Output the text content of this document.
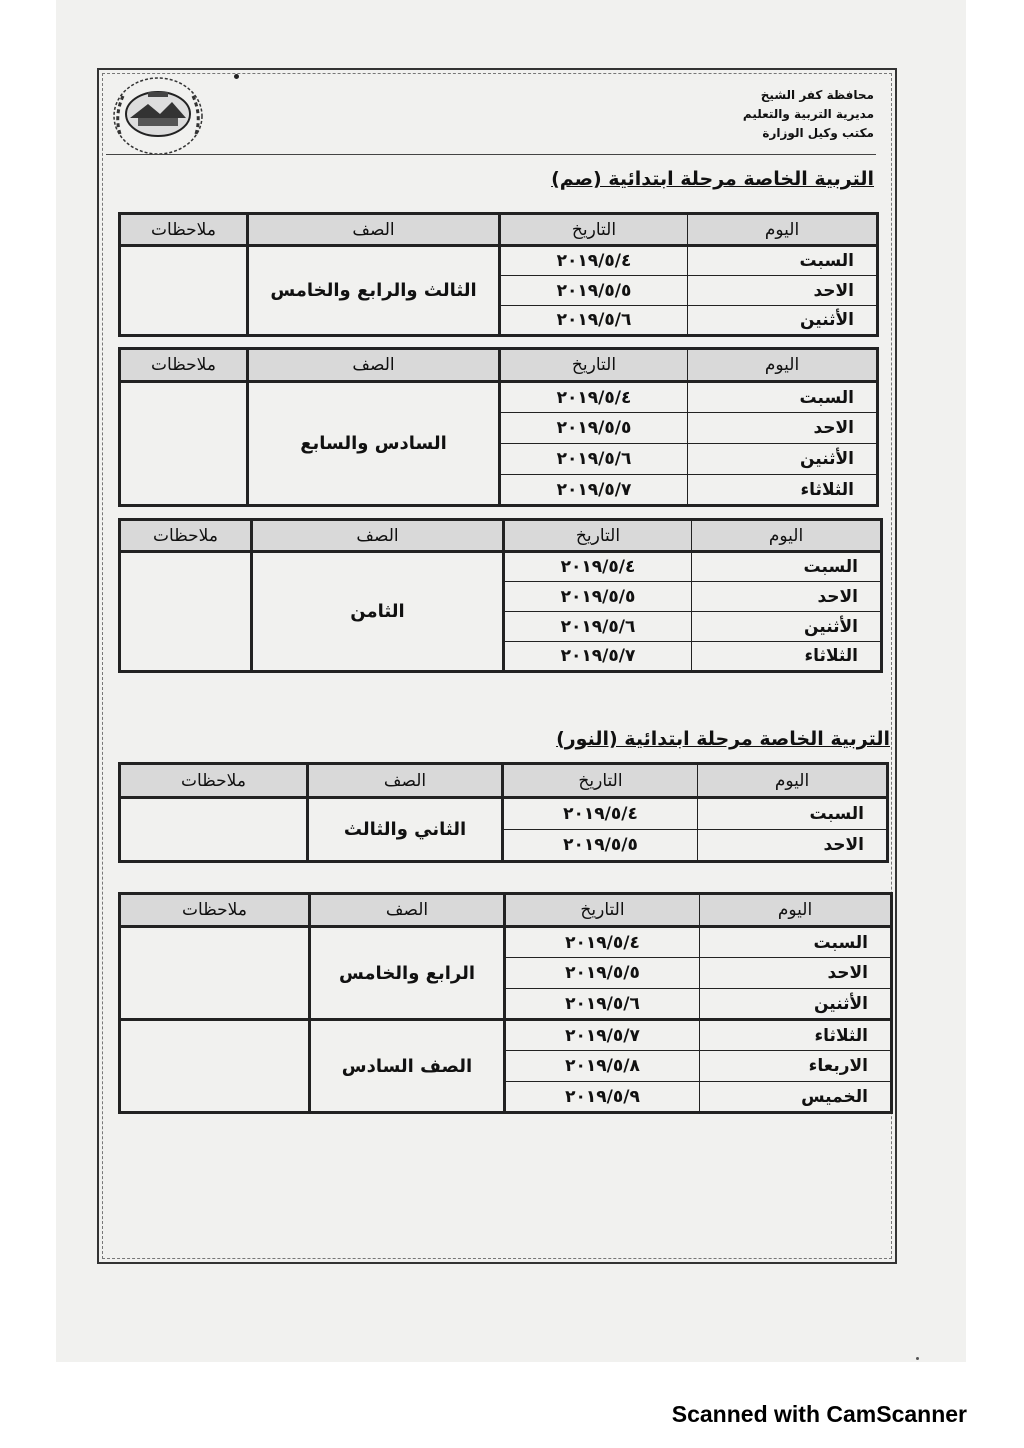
محافظة كفر الشيخ
مديرية التربية والتعليم
مكتب وكيل الوزارة
التربية الخاصة مرحلة ابتدائية (صم)
اليوم	التاريخ	الصف	ملاحظات
السبت	٢٠١٩/٥/٤	الثالث والرابع والخامس	
الاحد	٢٠١٩/٥/٥		
الأثنين	٢٠١٩/٥/٦		
اليوم	التاريخ	الصف	ملاحظات
السبت	٢٠١٩/٥/٤	السادس والسابع	
الاحد	٢٠١٩/٥/٥		
الأثنين	٢٠١٩/٥/٦		
الثلاثاء	٢٠١٩/٥/٧		
اليوم	التاريخ	الصف	ملاحظات
السبت	٢٠١٩/٥/٤	الثامن	
الاحد	٢٠١٩/٥/٥		
الأثنين	٢٠١٩/٥/٦		
الثلاثاء	٢٠١٩/٥/٧		
التربية الخاصة مرحلة ابتدائية (النور)
اليوم	التاريخ	الصف	ملاحظات
السبت	٢٠١٩/٥/٤	الثاني والثالث	
الاحد	٢٠١٩/٥/٥		
اليوم	التاريخ	الصف	ملاحظات
السبت	٢٠١٩/٥/٤	الرابع والخامس	
الاحد	٢٠١٩/٥/٥		
الأثنين	٢٠١٩/٥/٦		
الثلاثاء	٢٠١٩/٥/٧	الصف السادس	
الاربعاء	٢٠١٩/٥/٨		
الخميس	٢٠١٩/٥/٩		
Scanned with CamScanner
